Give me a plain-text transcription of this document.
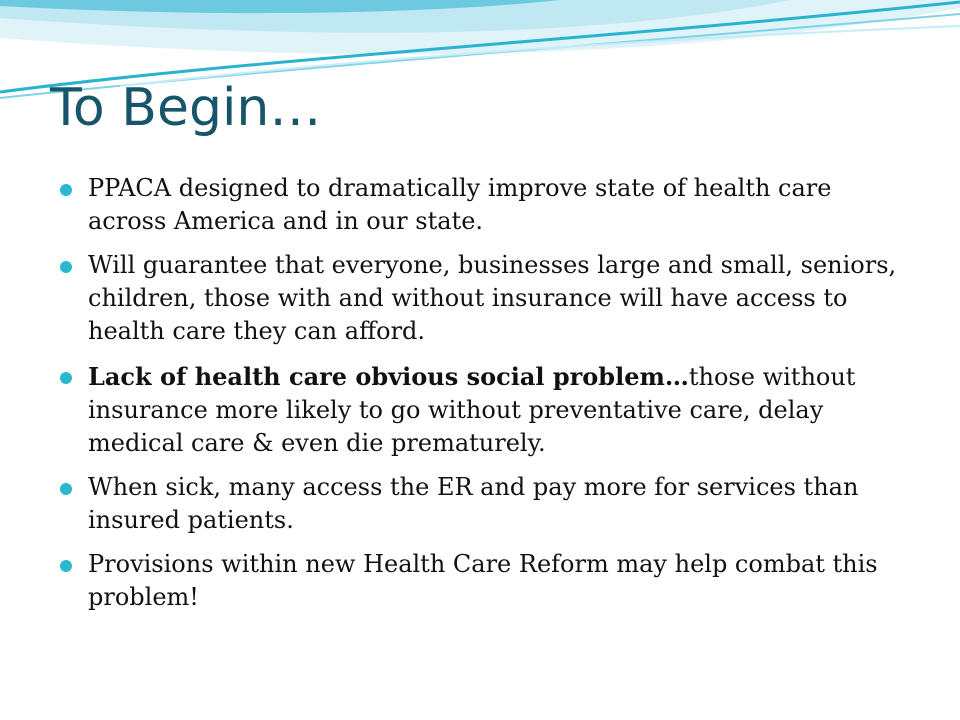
To Begin…
PPACA designed to dramatically improve state of health care across America and in our state.
Will guarantee that everyone, businesses large and small, seniors, children, those with and without insurance will have access to health care they can afford.
Lack of health care obvious social problem…those without insurance more likely to go without preventative care, delay medical care & even die prematurely.
When sick, many access the ER and pay more for services than insured patients.
Provisions within new Health Care Reform may help combat this problem!
